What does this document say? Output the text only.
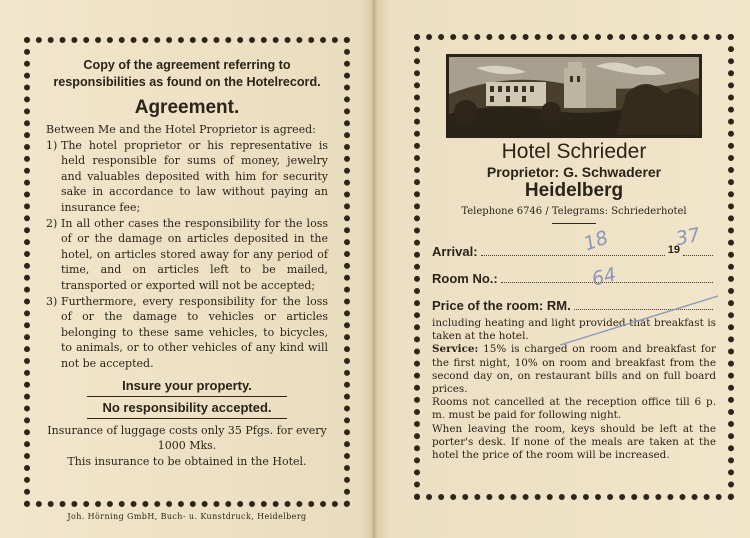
Copy of the agreement referring to responsibilities as found on the Hotelrecord.
Agreement.
Between Me and the Hotel Proprietor is agreed:
1) The hotel proprietor or his representative is held responsible for sums of money, jewelry and valuables deposited with him for security sake in accordance to law without paying an insurance fee;
2) In all other cases the responsibility for the loss of or the damage on articles deposited in the hotel, on articles stored away for any period of time, and on articles left to be mailed, transported or exported will not be accepted;
3) Furthermore, every responsibility for the loss of or the damage to vehicles or articles belonging to these same vehicles, to bicycles, to animals, or to other vehicles of any kind will not be accepted.
Insure your property.
No responsibility accepted.
Insurance of luggage costs only 35 Pfgs. for every 1000 Mks.
This insurance to be obtained in the Hotel.
Joh. Hörning GmbH, Buch- u. Kunstdruck, Heidelberg
Hotel Schrieder
Proprietor: G. Schwaderer
Heidelberg
Telephone 6746 / Telegrams: Schriederhotel
Arrival:	19
Room No.:
Price of the room: RM.
including heating and light provided that breakfast is taken at the hotel.
Service: 15% is charged on room and breakfast for the first night, 10% on room and breakfast from the second day on, on restaurant bills and on full board prices.
Rooms not cancelled at the reception office till 6 p. m. must be paid for following night.
When leaving the room, keys should be left at the porter's desk. If none of the meals are taken at the hotel the price of the room will be increased.
18	37
64
